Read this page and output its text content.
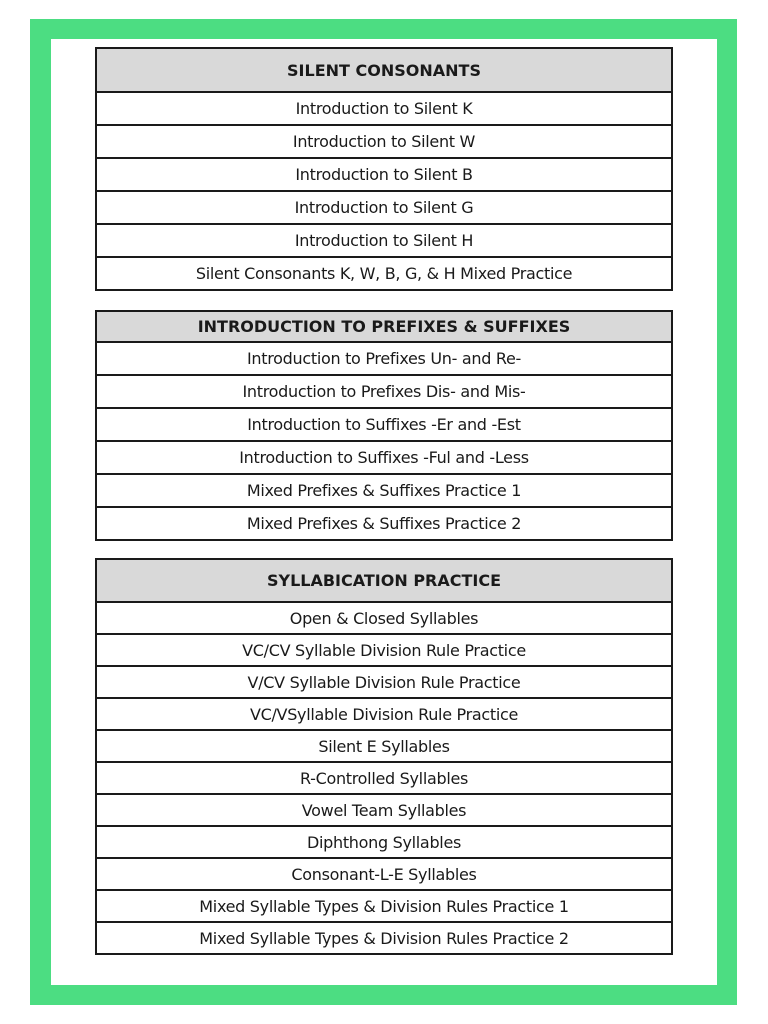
SILENT CONSONANTS
Introduction to Silent K
Introduction to Silent W
Introduction to Silent B
Introduction to Silent G
Introduction to Silent H
Silent Consonants K, W, B, G, & H Mixed Practice
INTRODUCTION TO PREFIXES & SUFFIXES
Introduction to Prefixes Un- and Re-
Introduction to Prefixes Dis- and Mis-
Introduction to Suffixes -Er and -Est
Introduction to Suffixes -Ful and -Less
Mixed Prefixes & Suffixes Practice 1
Mixed Prefixes & Suffixes Practice 2
SYLLABICATION PRACTICE
Open & Closed Syllables
VC/CV Syllable Division Rule Practice
V/CV Syllable Division Rule Practice
VC/VSyllable Division Rule Practice
Silent E Syllables
R-Controlled Syllables
Vowel Team Syllables
Diphthong Syllables
Consonant-L-E Syllables
Mixed Syllable Types & Division Rules Practice 1
Mixed Syllable Types & Division Rules Practice 2
